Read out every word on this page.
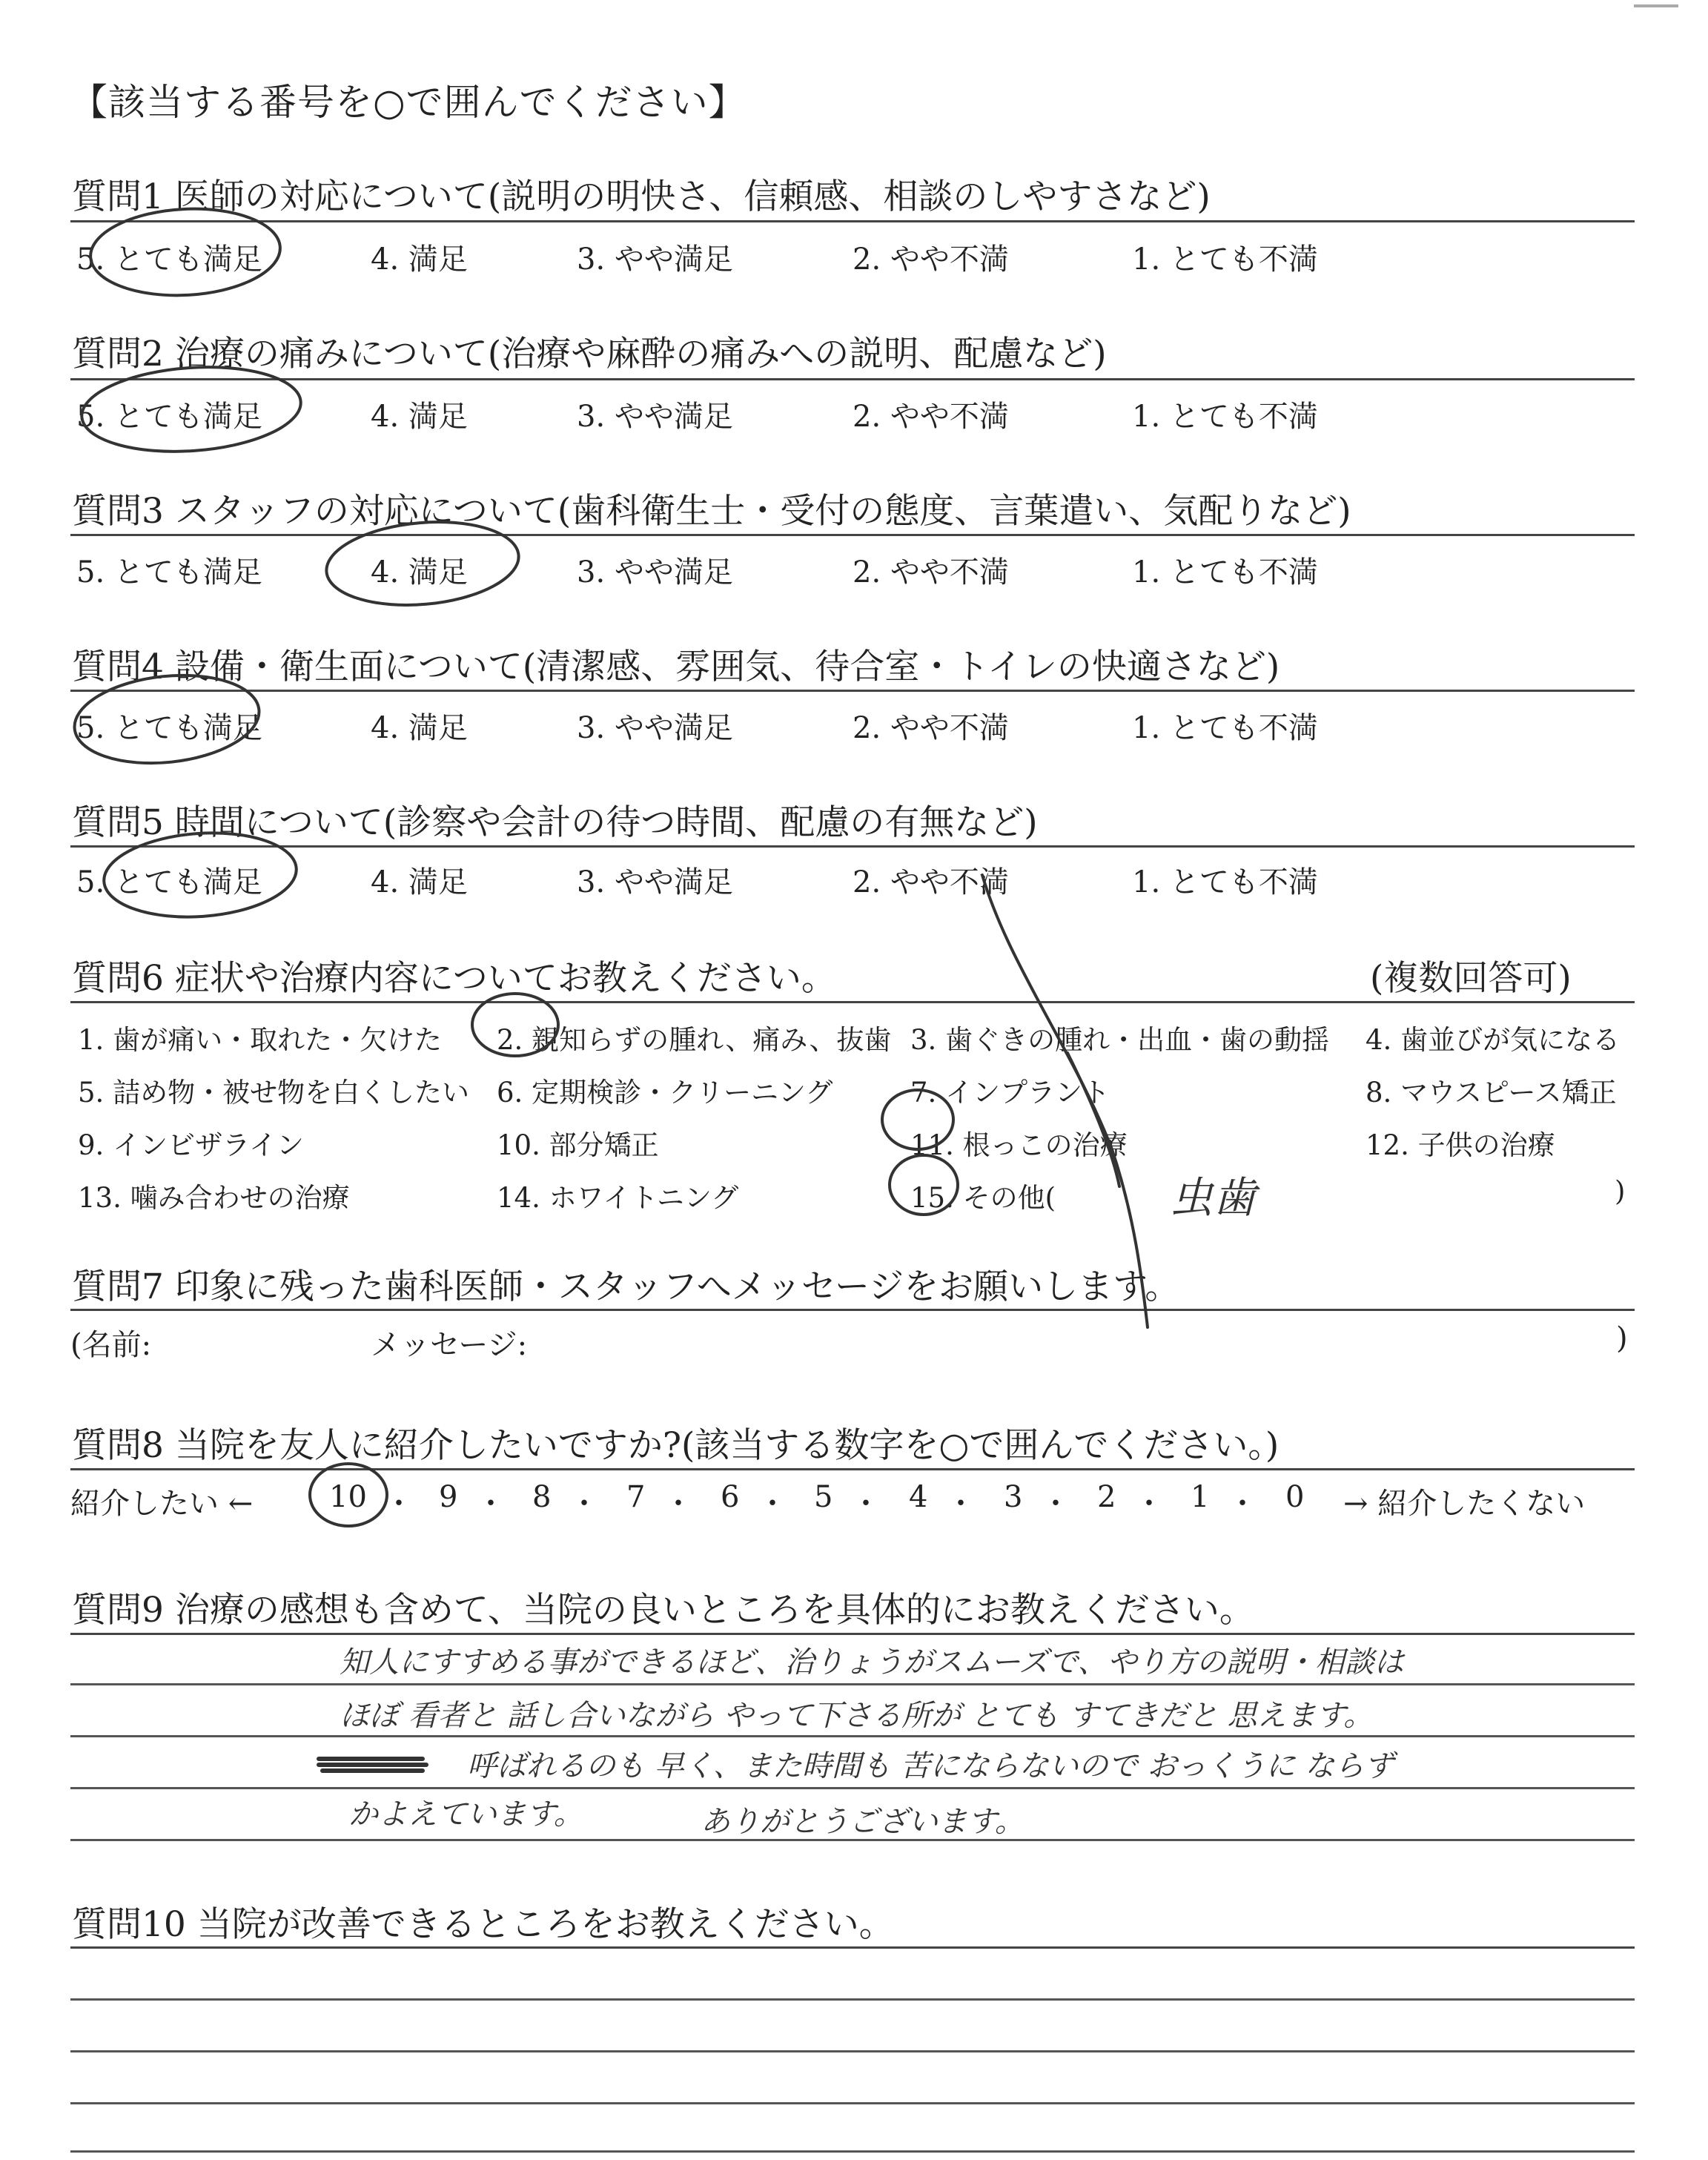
【該当する番号を○で囲んでください】
質問1 医師の対応について(説明の明快さ、信頼感、相談のしやすさなど)
5. とても満足	4. 満足	3. やや満足	2. やや不満	1. とても不満
質問2 治療の痛みについて(治療や麻酔の痛みへの説明、配慮など)
5. とても満足	4. 満足	3. やや満足	2. やや不満	1. とても不満
質問3 スタッフの対応について(歯科衛生士・受付の態度、言葉遣い、気配りなど)
5. とても満足	4. 満足	3. やや満足	2. やや不満	1. とても不満
質問4 設備・衛生面について(清潔感、雰囲気、待合室・トイレの快適さなど)
5. とても満足	4. 満足	3. やや満足	2. やや不満	1. とても不満
質問5 時間について(診察や会計の待つ時間、配慮の有無など)
5. とても満足	4. 満足	3. やや満足	2. やや不満	1. とても不満
質問6 症状や治療内容についてお教えください。	(複数回答可)
1. 歯が痛い・取れた・欠けた 2. 親知らずの腫れ、痛み、抜歯 3. 歯ぐきの腫れ・出血・歯の動揺 4. 歯並びが気になる
5. 詰め物・被せ物を白くしたい 6. 定期検診・クリーニング	7. インプラント	8. マウスピース矯正
9. インビザライン	10. 部分矯正	11. 根っこの治療	12. 子供の治療
13. 噛み合わせの治療	14. ホワイトニング	15. その他(	)
虫歯
質問7 印象に残った歯科医師・スタッフへメッセージをお願いします。
(名前:	メッセージ:	)
質問8 当院を友人に紹介したいですか?(該当する数字を○で囲んでください。)
紹介したい ←	→ 紹介したくない
10 ・ 9 ・ 8 ・ 7 ・ 6 ・ 5 ・ 4 ・ 3 ・ 2 ・ 1 ・ 0
質問9 治療の感想も含めて、当院の良いところを具体的にお教えください。
知人にすすめる事ができるほど、治りょうがスムーズで、やり方の説明・相談は
ほぼ 看者と 話し合いながら やって下さる所が とても すてきだと 思えます。
呼ばれるのも 早く、また時間も 苦にならないので おっくうに ならず
かよえています。	ありがとうございます。
質問10 当院が改善できるところをお教えください。
